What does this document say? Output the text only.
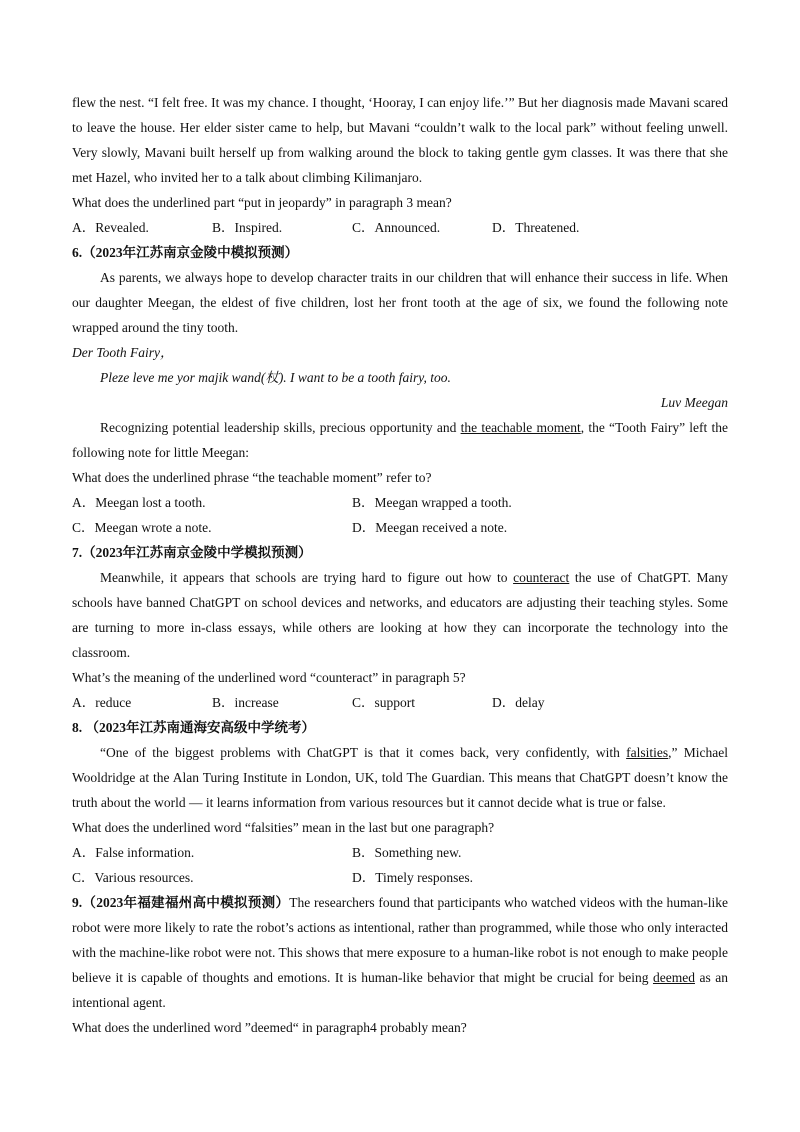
flew the nest. “I felt free. It was my chance. I thought, ‘Hooray, I can enjoy life.’” But her diagnosis made Mavani scared to leave the house. Her elder sister came to help, but Mavani “couldn’t walk to the local park” without feeling unwell. Very slowly, Mavani built herself up from walking around the block to taking gentle gym classes. It was there that she met Hazel, who invited her to a talk about climbing Kilimanjaro.

What does the underlined part “put in jeopardy” in paragraph 3 mean?

A．Revealed.	B．Inspired.	C．Announced.	D．Threatened.

6.（2023年江苏南京金陵中模拟预测）

As parents, we always hope to develop character traits in our children that will enhance their success in life. When our daughter Meegan, the eldest of five children, lost her front tooth at the age of six, we found the following note wrapped around the tiny tooth.

Der Tooth Fairy，

Pleze leve me yor majik wand(杖). I want to be a tooth fairy, too.

Luv Meegan

Recognizing potential leadership skills, precious opportunity and the teachable moment, the “Tooth Fairy” left the following note for little Meegan:

What does the underlined phrase “the teachable moment” refer to?

A．Meegan lost a tooth.	B．Meegan wrapped a tooth.
C．Meegan wrote a note.	D．Meegan received a note.

7.（2023年江苏南京金陵中学模拟预测）

Meanwhile, it appears that schools are trying hard to figure out how to counteract the use of ChatGPT. Many schools have banned ChatGPT on school devices and networks, and educators are adjusting their teaching styles. Some are turning to more in-class essays, while others are looking at how they can incorporate the technology into the classroom.

What’s the meaning of the underlined word “counteract” in paragraph 5?

A．reduce	B．increase	C．support	D．delay

8. （2023年江苏南通海安高级中学统考）

“One of the biggest problems with ChatGPT is that it comes back, very confidently, with falsities,” Michael Wooldridge at the Alan Turing Institute in London, UK, told The Guardian. This means that ChatGPT doesn’t know the truth about the world — it learns information from various resources but it cannot decide what is true or false.

What does the underlined word “falsities” mean in the last but one paragraph?

A．False information.	B．Something new.
C．Various resources.	D．Timely responses.

9.（2023年福建福州高中模拟预测）The researchers found that participants who watched videos with the human-like robot were more likely to rate the robot’s actions as intentional, rather than programmed, while those who only interacted with the machine-like robot were not. This shows that mere exposure to a human-like robot is not enough to make people believe it is capable of thoughts and emotions. It is human-like behavior that might be crucial for being deemed as an intentional agent.

What does the underlined word ”deemed“ in paragraph4 probably mean?
